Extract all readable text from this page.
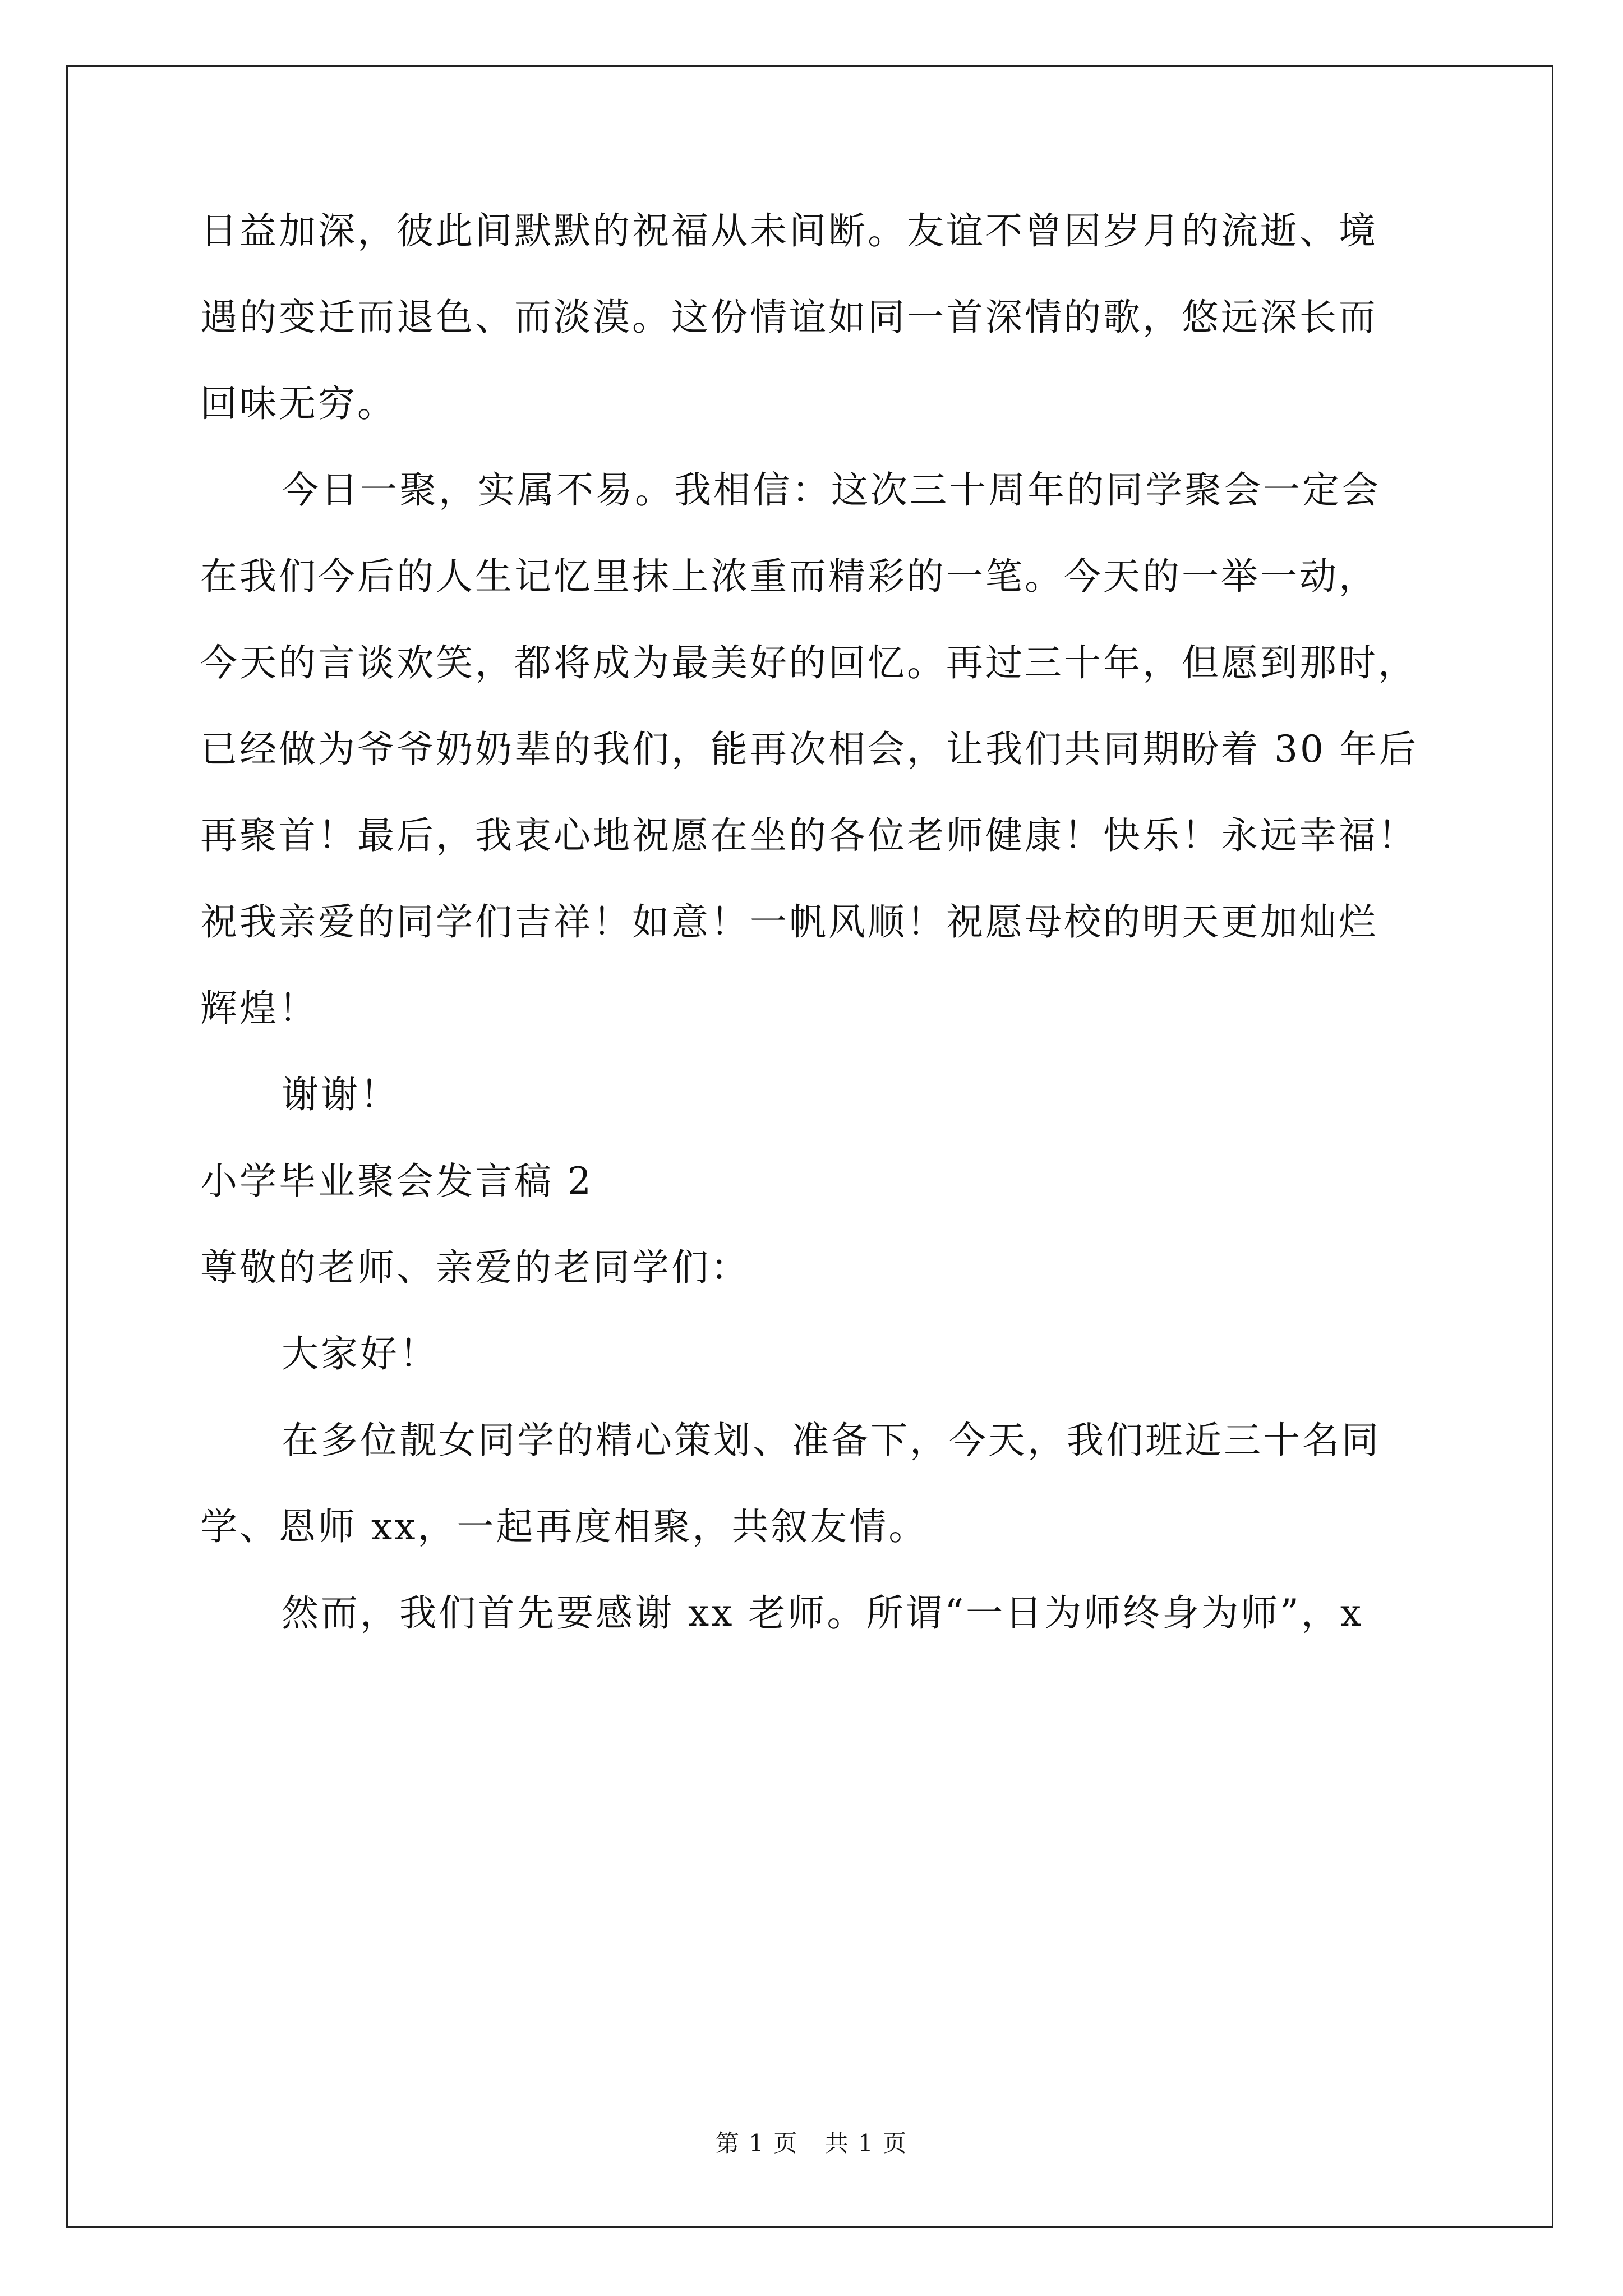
日益加深，彼此间默默的祝福从未间断。友谊不曾因岁月的流逝、境
遇的变迁而退色、而淡漠。这份情谊如同一首深情的歌，悠远深长而
回味无穷。
今日一聚，实属不易。我相信：这次三十周年的同学聚会一定会
在我们今后的人生记忆里抹上浓重而精彩的一笔。今天的一举一动，
今天的言谈欢笑，都将成为最美好的回忆。再过三十年，但愿到那时，
已经做为爷爷奶奶辈的我们，能再次相会，让我们共同期盼着 30 年后
再聚首！最后，我衷心地祝愿在坐的各位老师健康！快乐！永远幸福！
祝我亲爱的同学们吉祥！如意！一帆风顺！祝愿母校的明天更加灿烂
辉煌！
谢谢！
小学毕业聚会发言稿 2
尊敬的老师、亲爱的老同学们：
大家好！
在多位靓女同学的精心策划、准备下，今天，我们班近三十名同
学、恩师 xx，一起再度相聚，共叙友情。
然而，我们首先要感谢 xx 老师。所谓“一日为师终身为师”，x
第 1 页 共 1 页
